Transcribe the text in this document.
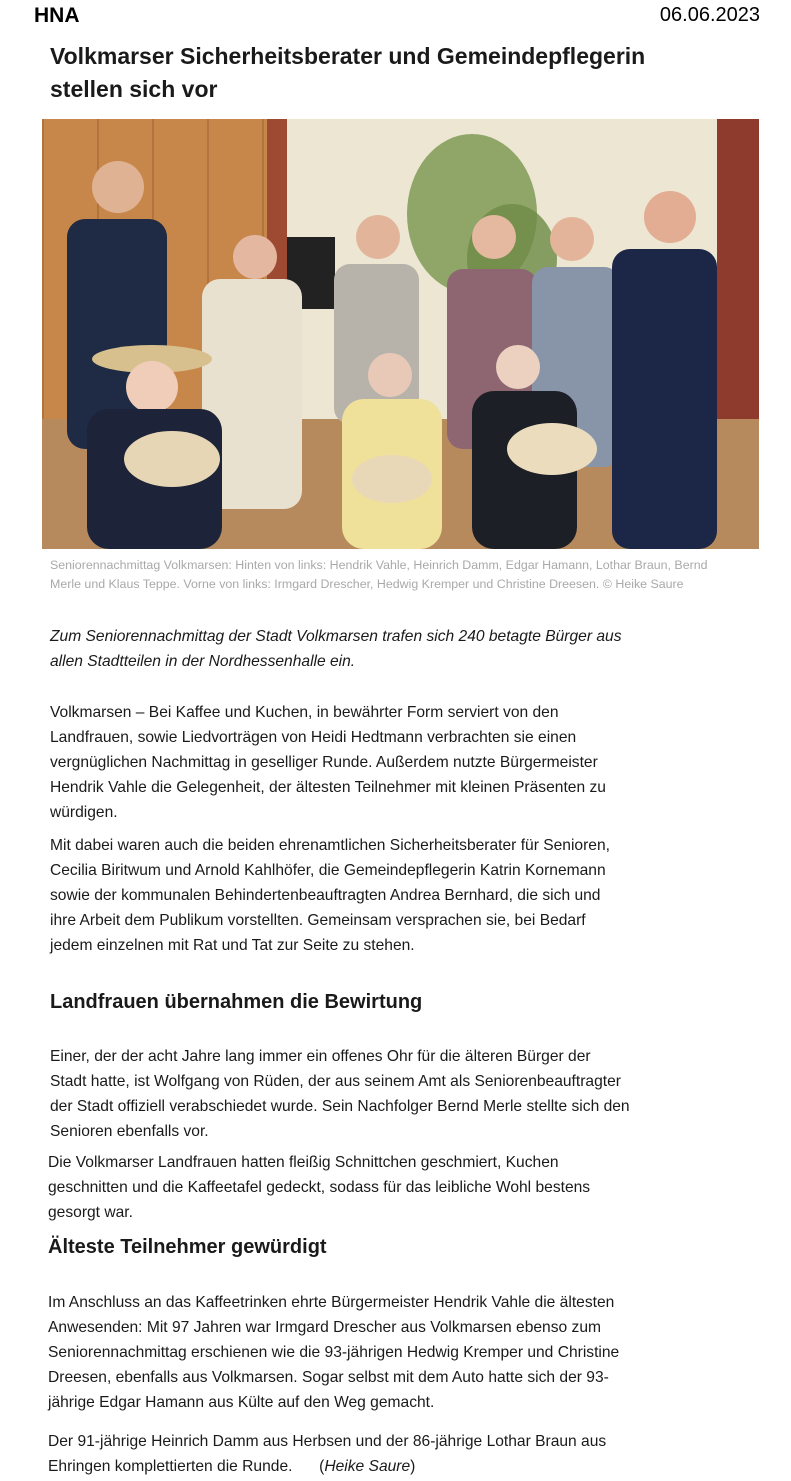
HNA	06.06.2023
Volkmarser Sicherheitsberater und Gemeindepflegerin
stellen sich vor
Seniorennachmittag Volkmarsen: Hinten von links: Hendrik Vahle, Heinrich Damm, Edgar Hamann, Lothar Braun, Bernd
Merle und Klaus Teppe. Vorne von links: Irmgard Drescher, Hedwig Kremper und Christine Dreesen. © Heike Saure
Zum Seniorennachmittag der Stadt Volkmarsen trafen sich 240 betagte Bürger aus
allen Stadtteilen in der Nordhessenhalle ein.
Volkmarsen – Bei Kaffee und Kuchen, in bewährter Form serviert von den
Landfrauen, sowie Liedvorträgen von Heidi Hedtmann verbrachten sie einen
vergnüglichen Nachmittag in geselliger Runde. Außerdem nutzte Bürgermeister
Hendrik Vahle die Gelegenheit, der ältesten Teilnehmer mit kleinen Präsenten zu
würdigen.
Mit dabei waren auch die beiden ehrenamtlichen Sicherheitsberater für Senioren,
Cecilia Biritwum und Arnold Kahlhöfer, die Gemeindepflegerin Katrin Kornemann
sowie der kommunalen Behindertenbeauftragten Andrea Bernhard, die sich und
ihre Arbeit dem Publikum vorstellten. Gemeinsam versprachen sie, bei Bedarf
jedem einzelnen mit Rat und Tat zur Seite zu stehen.
Landfrauen übernahmen die Bewirtung
Einer, der der acht Jahre lang immer ein offenes Ohr für die älteren Bürger der
Stadt hatte, ist Wolfgang von Rüden, der aus seinem Amt als Seniorenbeauftragter
der Stadt offiziell verabschiedet wurde. Sein Nachfolger Bernd Merle stellte sich den
Senioren ebenfalls vor.
Die Volkmarser Landfrauen hatten fleißig Schnittchen geschmiert, Kuchen
geschnitten und die Kaffeetafel gedeckt, sodass für das leibliche Wohl bestens
gesorgt war.
Älteste Teilnehmer gewürdigt
Im Anschluss an das Kaffeetrinken ehrte Bürgermeister Hendrik Vahle die ältesten
Anwesenden: Mit 97 Jahren war Irmgard Drescher aus Volkmarsen ebenso zum
Seniorennachmittag erschienen wie die 93-jährigen Hedwig Kremper und Christine
Dreesen, ebenfalls aus Volkmarsen. Sogar selbst mit dem Auto hatte sich der 93-
jährige Edgar Hamann aus Külte auf den Weg gemacht.
Der 91-jährige Heinrich Damm aus Herbsen und der 86-jährige Lothar Braun aus
Ehringen komplettierten die Runde. (Heike Saure)
